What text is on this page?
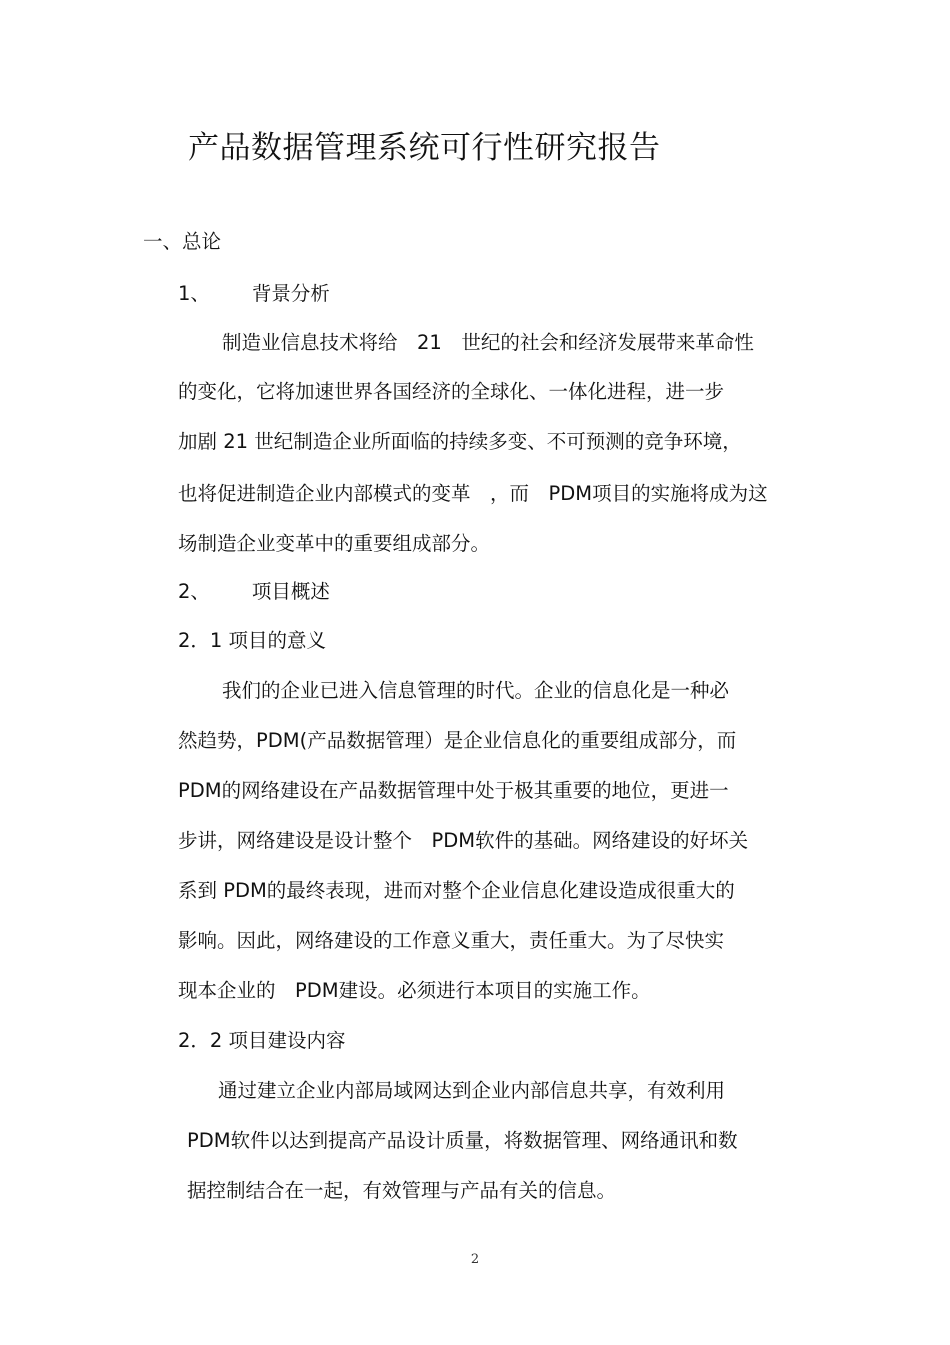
产品数据管理系统可行性研究报告
一、总论
1、 背景分析
制造业信息技术将给　21　世纪的社会和经济发展带来革命性
的变化，它将加速世界各国经济的全球化、一体化进程，进一步
加剧 21 世纪制造企业所面临的持续多变、不可预测的竞争环境，
也将促进制造企业内部模式的变革　，而　PDM项目的实施将成为这
场制造企业变革中的重要组成部分。
2、 项目概述
2．1 项目的意义
我们的企业已进入信息管理的时代。企业的信息化是一种必
然趋势，PDM(产品数据管理）是企业信息化的重要组成部分，而
PDM的网络建设在产品数据管理中处于极其重要的地位，更进一
步讲，网络建设是设计整个　PDM软件的基础。网络建设的好坏关
系到 PDM的最终表现，进而对整个企业信息化建设造成很重大的
影响。因此，网络建设的工作意义重大，责任重大。为了尽快实
现本企业的　PDM建设。必须进行本项目的实施工作。
2．2 项目建设内容
通过建立企业内部局域网达到企业内部信息共享，有效利用
PDM软件以达到提高产品设计质量，将数据管理、网络通讯和数
据控制结合在一起，有效管理与产品有关的信息。
2
